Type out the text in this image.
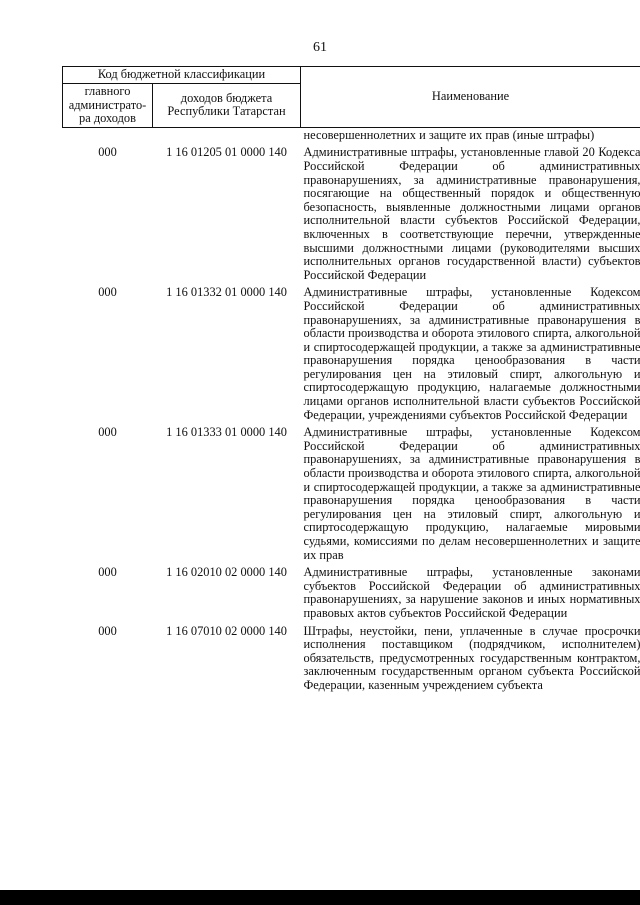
61
Код бюджетной классификации		Наименование
главного администрато-ра доходов	доходов бюджета Республики Татарстан	
		несовершеннолетних и защите их прав (иные штрафы)
000	1 16 01205 01 0000 140	Административные штрафы, установленные главой 20 Кодекса Российской Федерации об административных правонарушениях, за административные правонарушения, посягающие на общественный порядок и общественную безопасность, выявленные должностными лицами органов исполнительной власти субъектов Российской Федерации, включенных в соответствующие перечни, утвержденные высшими должностными лицами (руководителями высших исполнительных органов государственной власти) субъектов Российской Федерации
000	1 16 01332 01 0000 140	Административные штрафы, установленные Кодексом Российской Федерации об административных правонарушениях, за административные правонарушения в области производства и оборота этилового спирта, алкогольной и спиртосодержащей продукции, а также за административные правонарушения порядка ценообразования в части регулирования цен на этиловый спирт, алкогольную и спиртосодержащую продукцию, налагаемые должностными лицами органов исполнительной власти субъектов Российской Федерации, учреждениями субъектов Российской Федерации
000	1 16 01333 01 0000 140	Административные штрафы, установленные Кодексом Российской Федерации об административных правонарушениях, за административные правонарушения в области производства и оборота этилового спирта, алкогольной и спиртосодержащей продукции, а также за административные правонарушения порядка ценообразования в части регулирования цен на этиловый спирт, алкогольную и спиртосодержащую продукцию, налагаемые мировыми судьями, комиссиями по делам несовершеннолетних и защите их прав
000	1 16 02010 02 0000 140	Административные штрафы, установленные законами субъектов Российской Федерации об административных правонарушениях, за нарушение законов и иных нормативных правовых актов субъектов Российской Федерации
000	1 16 07010 02 0000 140	Штрафы, неустойки, пени, уплаченные в случае просрочки исполнения поставщиком (подрядчиком, исполнителем) обязательств, предусмотренных государственным контрактом, заключенным государственным органом субъекта Российской Федерации, казенным учреждением субъекта
